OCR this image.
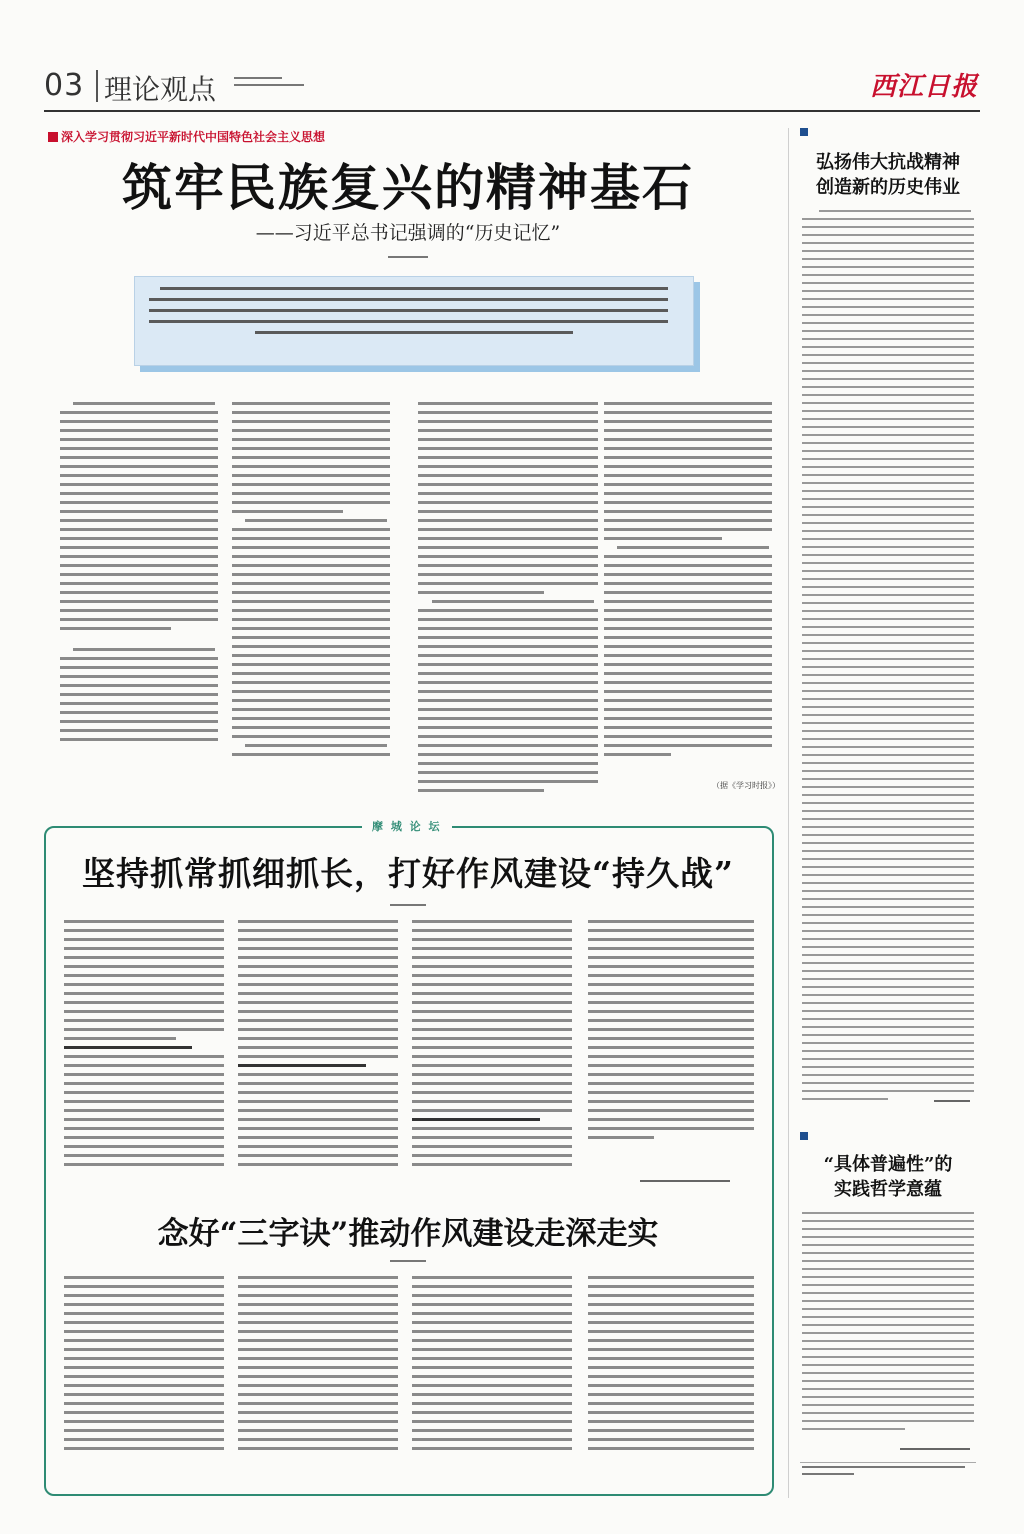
03 理论观点	西江日报
深入学习贯彻习近平新时代中国特色社会主义思想
筑牢民族复兴的精神基石
——习近平总书记强调的“历史记忆”
（据《学习时报》）
弘扬伟大抗战精神
创造新的历史伟业
“具体普遍性”的
实践哲学意蕴
摩 城 论 坛
坚持抓常抓细抓长，打好作风建设“持久战”
念好“三字诀”推动作风建设走深走实
